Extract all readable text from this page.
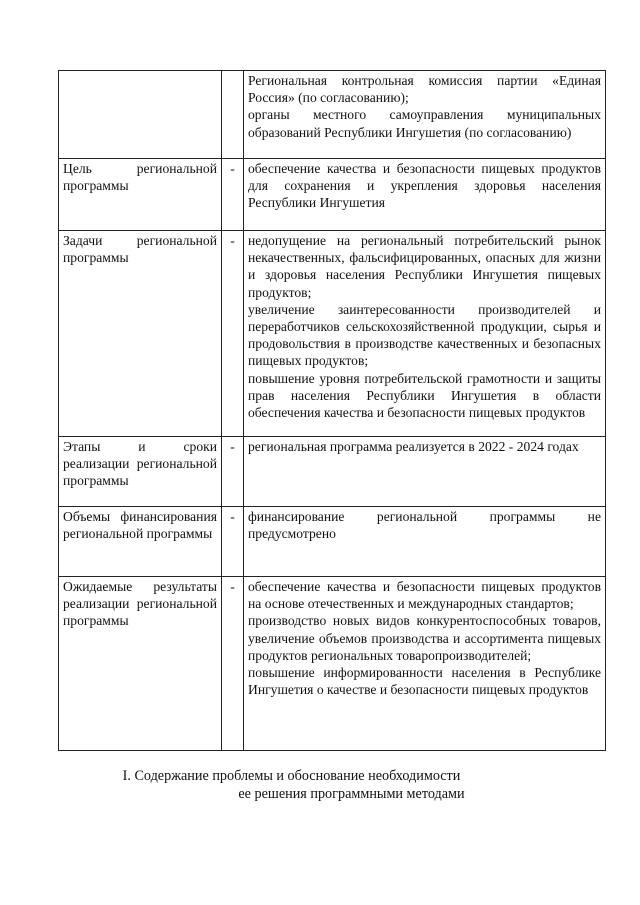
		Региональная контрольная комиссия партии «Единая Россия» (по согласованию);
органы местного самоуправления муниципальных образований Республики Ингушетия (по согласованию)

Цель региональной программы	-	обеспечение качества и безопасности пищевых продуктов для сохранения и укрепления здоровья населения Республики Ингушетия

Задачи региональной программы	-	недопущение на региональный потребительский рынок некачественных, фальсифицированных, опасных для жизни и здоровья населения Республики Ингушетия пищевых продуктов;
увеличение заинтересованности производителей и переработчиков сельскохозяйственной продукции, сырья и продовольствия в производстве качественных и безопасных пищевых продуктов;
повышение уровня потребительской грамотности и защиты прав населения Республики Ингушетия в области обеспечения качества и безопасности пищевых продуктов

Этапы и сроки реализации региональной программы	-	региональная программа реализуется в 2022 - 2024 годах

Объемы финансирования региональной программы	-	финансирование региональной программы не предусмотрено

Ожидаемые результаты реализации региональной программы	-	обеспечение качества и безопасности пищевых продуктов на основе отечественных и международных стандартов;
производство новых видов конкурентоспособных товаров, увеличение объемов производства и ассортимента пищевых продуктов региональных товаропроизводителей;
повышение информированности населения в Республике Ингушетия о качестве и безопасности пищевых продуктов
I. Содержание проблемы и обоснование необходимости
ее решения программными методами
